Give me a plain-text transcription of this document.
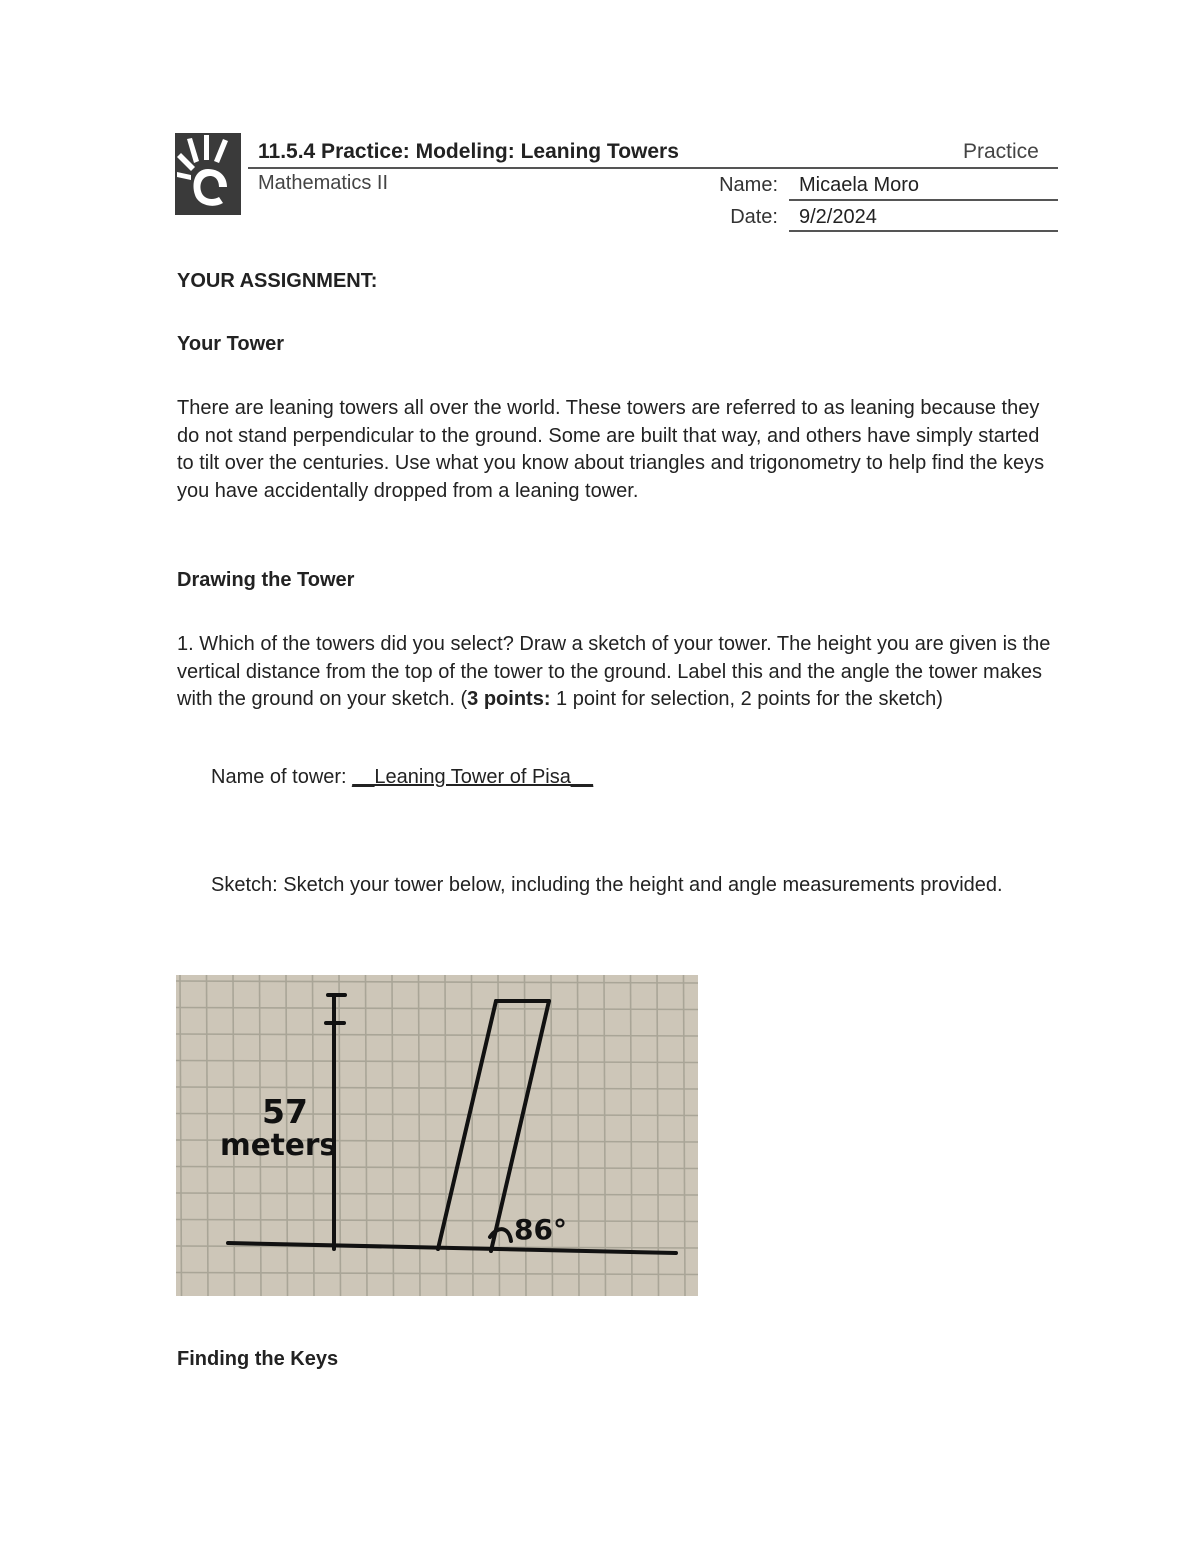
11.5.4 Practice: Modeling: Leaning Towers	Practice
Mathematics II	Name: Micaela Moro
Date: 9/2/2024

YOUR ASSIGNMENT:

Your Tower

There are leaning towers all over the world. These towers are referred to as leaning because they do not stand perpendicular to the ground. Some are built that way, and others have simply started to tilt over the centuries. Use what you know about triangles and trigonometry to help find the keys you have accidentally dropped from a leaning tower.

Drawing the Tower

1. Which of the towers did you select? Draw a sketch of your tower. The height you are given is the vertical distance from the top of the tower to the ground. Label this and the angle the tower makes with the ground on your sketch. (3 points: 1 point for selection, 2 points for the sketch)

Name of tower: __Leaning Tower of Pisa__

Sketch: Sketch your tower below, including the height and angle measurements provided.

57
meters
86°

Finding the Keys
